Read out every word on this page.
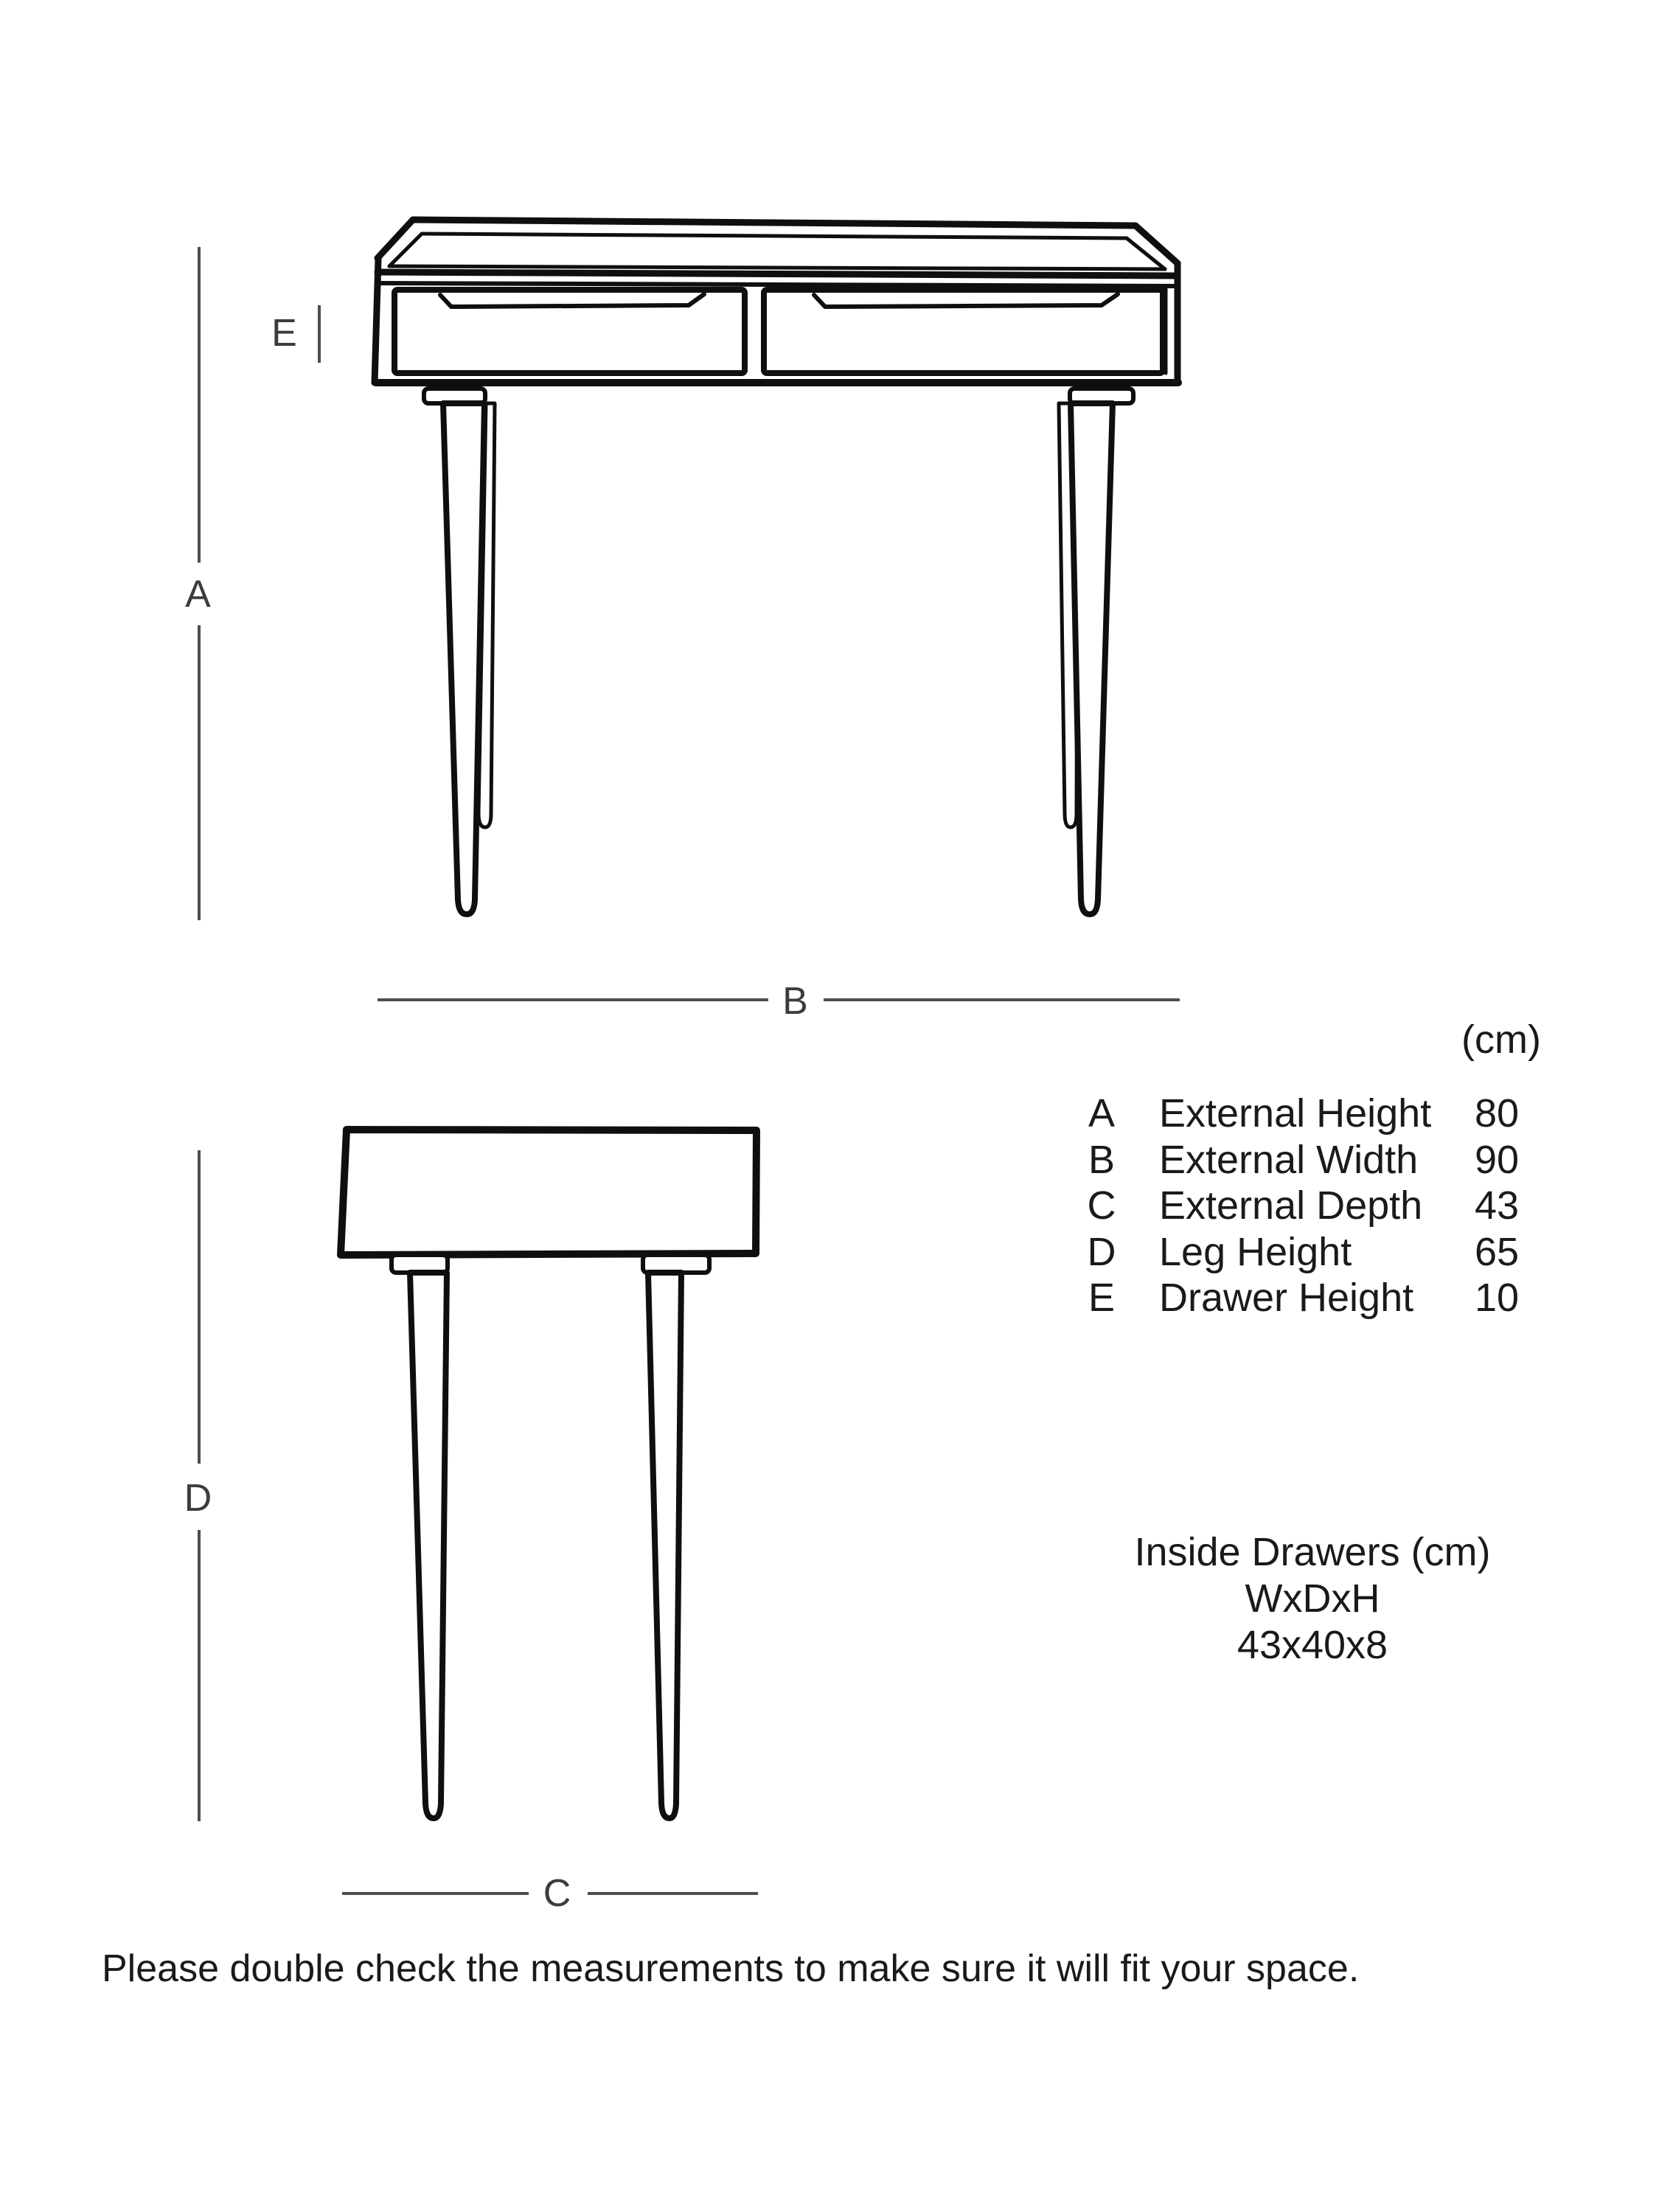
E
A
B
D
C
(cm)
A	External Height	80
B	External Width	90
C	External Depth	43
D	Leg Height	65
E	Drawer Height	10
Inside Drawers (cm)
WxDxH
43x40x8
Please double check the measurements to make sure it will fit your space.
